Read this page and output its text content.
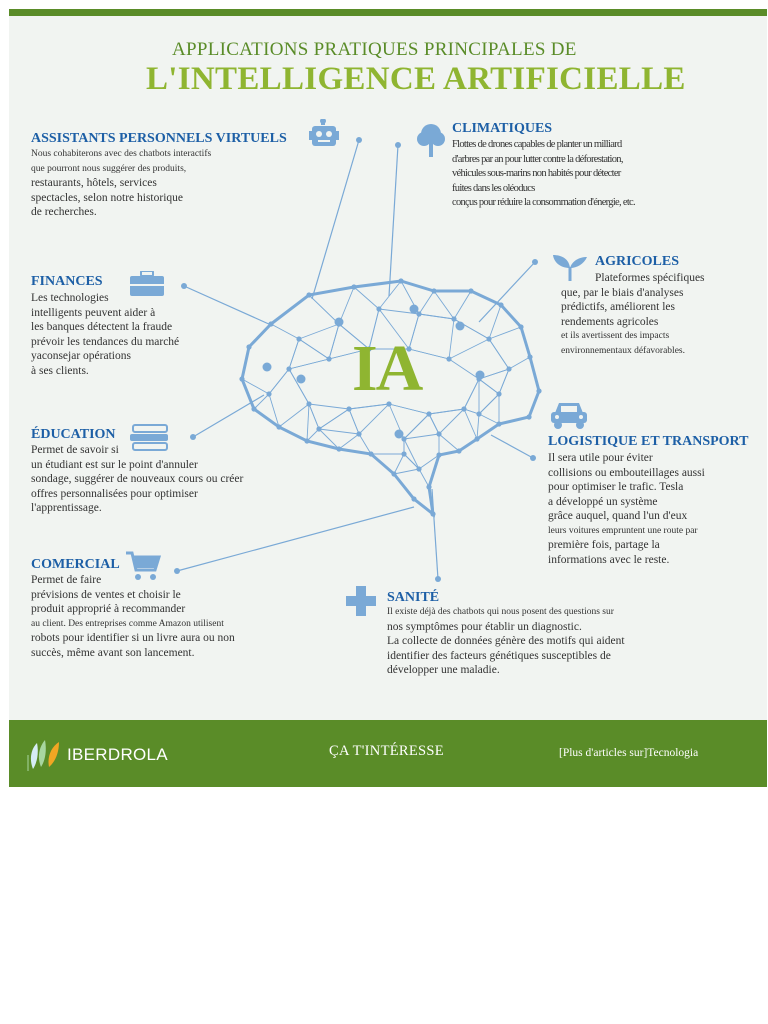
APPLICATIONS PRATIQUES PRINCIPALES DE
L'INTELLIGENCE ARTIFICIELLE
IA
ASSISTANTS PERSONNELS VIRTUELS
Nous cohabiterons avec des chatbots interactifs
que pourront nous suggérer des produits,
restaurants, hôtels, services
spectacles, selon notre historique
de recherches.
CLIMATIQUES
Flottes de drones capables de planter un milliard
d'arbres par an pour lutter contre la déforestation,
véhicules sous-marins non habités pour détecter
fuites dans les oléoducs
conçus pour réduire la consommation d'énergie, etc.
FINANCES
Les technologies
intelligents peuvent aider à
les banques détectent la fraude
prévoir les tendances du marché
yaconsejar opérations
à ses clients.
AGRICOLES
Plateformes spécifiques
que, par le biais d'analyses
prédictifs, améliorent les
rendements agricoles
et ils avertissent des impacts
environnementaux défavorables.
ÉDUCATION
Permet de savoir si
un étudiant est sur le point d'annuler
sondage, suggérer de nouveaux cours ou créer
offres personnalisées pour optimiser
l'apprentissage.
LOGISTIQUE ET TRANSPORT
Il sera utile pour éviter
collisions ou embouteillages aussi
pour optimiser le trafic. Tesla
a développé un système
grâce auquel, quand l'un d'eux
leurs voitures empruntent une route par
première fois, partage la
informations avec le reste.
COMERCIAL
Permet de faire
prévisions de ventes et choisir le
produit approprié à recommander
au client. Des entreprises comme Amazon utilisent
robots pour identifier si un livre aura ou non
succès, même avant son lancement.
SANITÉ
Il existe déjà des chatbots qui nous posent des questions sur
nos symptômes pour établir un diagnostic.
La collecte de données génère des motifs qui aident
identifier des facteurs génétiques susceptibles de
développer une maladie.
IBERDROLA	ÇA T'INTÉRESSE	[Plus d'articles sur]Tecnologia
